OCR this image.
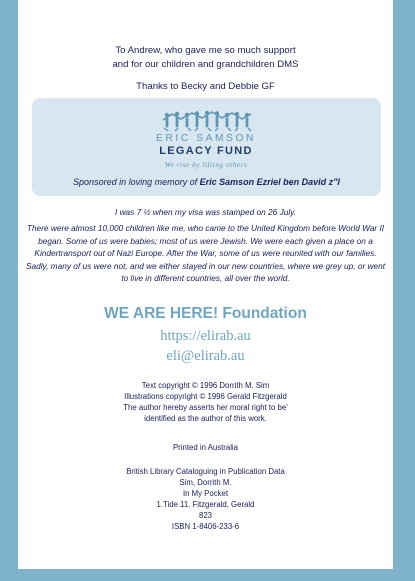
To Andrew, who gave me so much support
and for our children and grandchildren DMS
Thanks to Becky and Debbie GF
ERIC SAMSON
LEGACY FUND
We rise by lifting others
Sponsored in loving memory of Eric Samson Ezriel ben David z"l
I was 7 ½ when my visa was stamped on 26 July.
There were almost 10,000 children like me, who came to the United Kingdom before World War II began. Some of us were babies; most of us were Jewish. We were each given a place on a Kindertransport out of Nazi Europe. After the War, some of us were reunited with our families. Sadly, many of us were not, and we either stayed in our new countries, where we grey up, or went to live in different countries, all over the world.
WE ARE HERE! Foundation
https://elirab.au
eli@elirab.au
Text copyright © 1996 Dorrith M. Sim
Illustrations copyright © 1996 Gerald Fitzgerald
The author hereby asserts her moral right to be'
identified as the author of this work.
Printed in Australia
British Library Cataloguing in Publication Data
Sim, Dorrith M.
In My Pocket
1.Tide 11. Fitzgerald, Gerald
823
ISBN 1-8406-233-6
